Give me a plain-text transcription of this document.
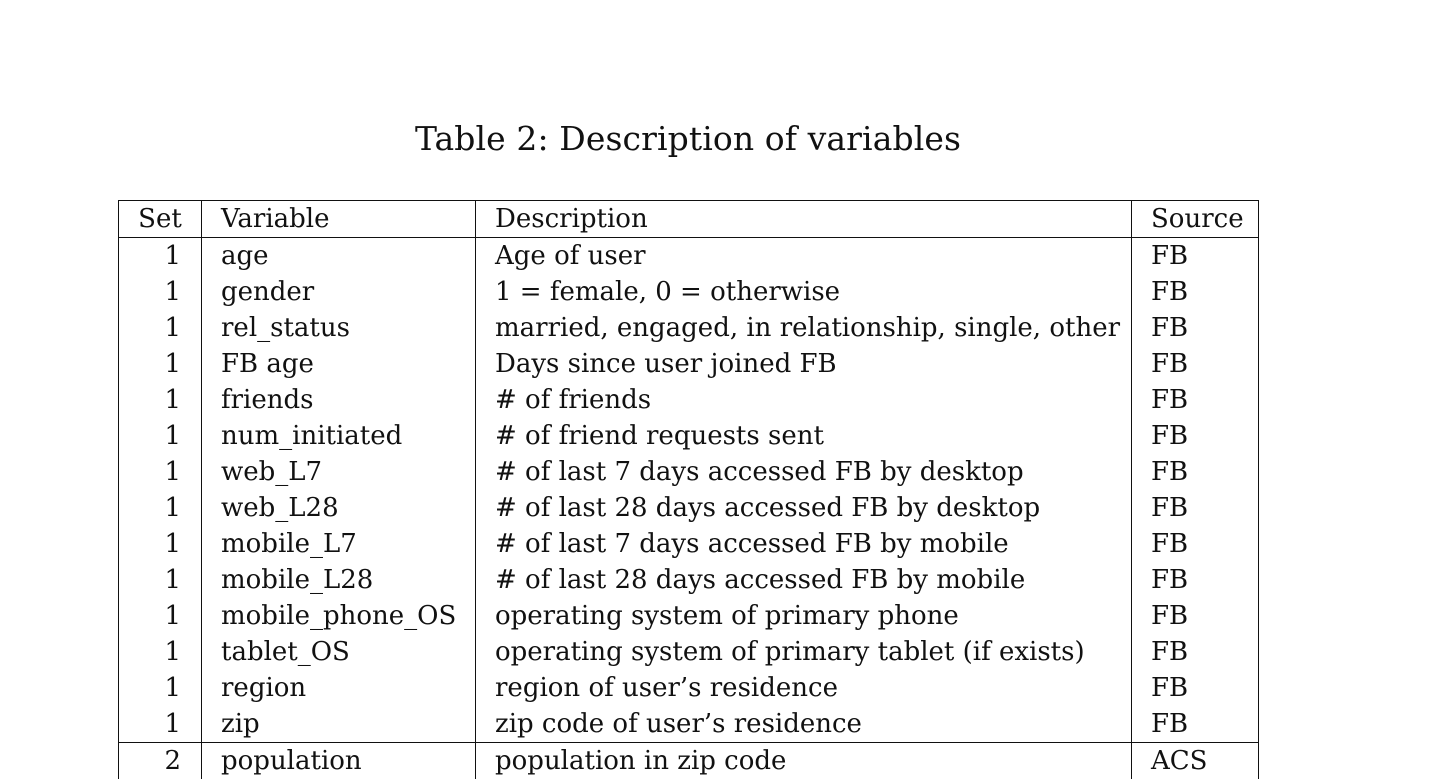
Table 2: Description of variables
Set	Variable	Description	Source
1	age	Age of user	FB
1	gender	1 = female, 0 = otherwise	FB
1	rel_status	married, engaged, in relationship, single, other	FB
1	FB age	Days since user joined FB	FB
1	friends	# of friends	FB
1	num_initiated	# of friend requests sent	FB
1	web_L7	# of last 7 days accessed FB by desktop	FB
1	web_L28	# of last 28 days accessed FB by desktop	FB
1	mobile_L7	# of last 7 days accessed FB by mobile	FB
1	mobile_L28	# of last 28 days accessed FB by mobile	FB
1	mobile_phone_OS	operating system of primary phone	FB
1	tablet_OS	operating system of primary tablet (if exists)	FB
1	region	region of user’s residence	FB
1	zip	zip code of user’s residence	FB
2	population	population in zip code	ACS
